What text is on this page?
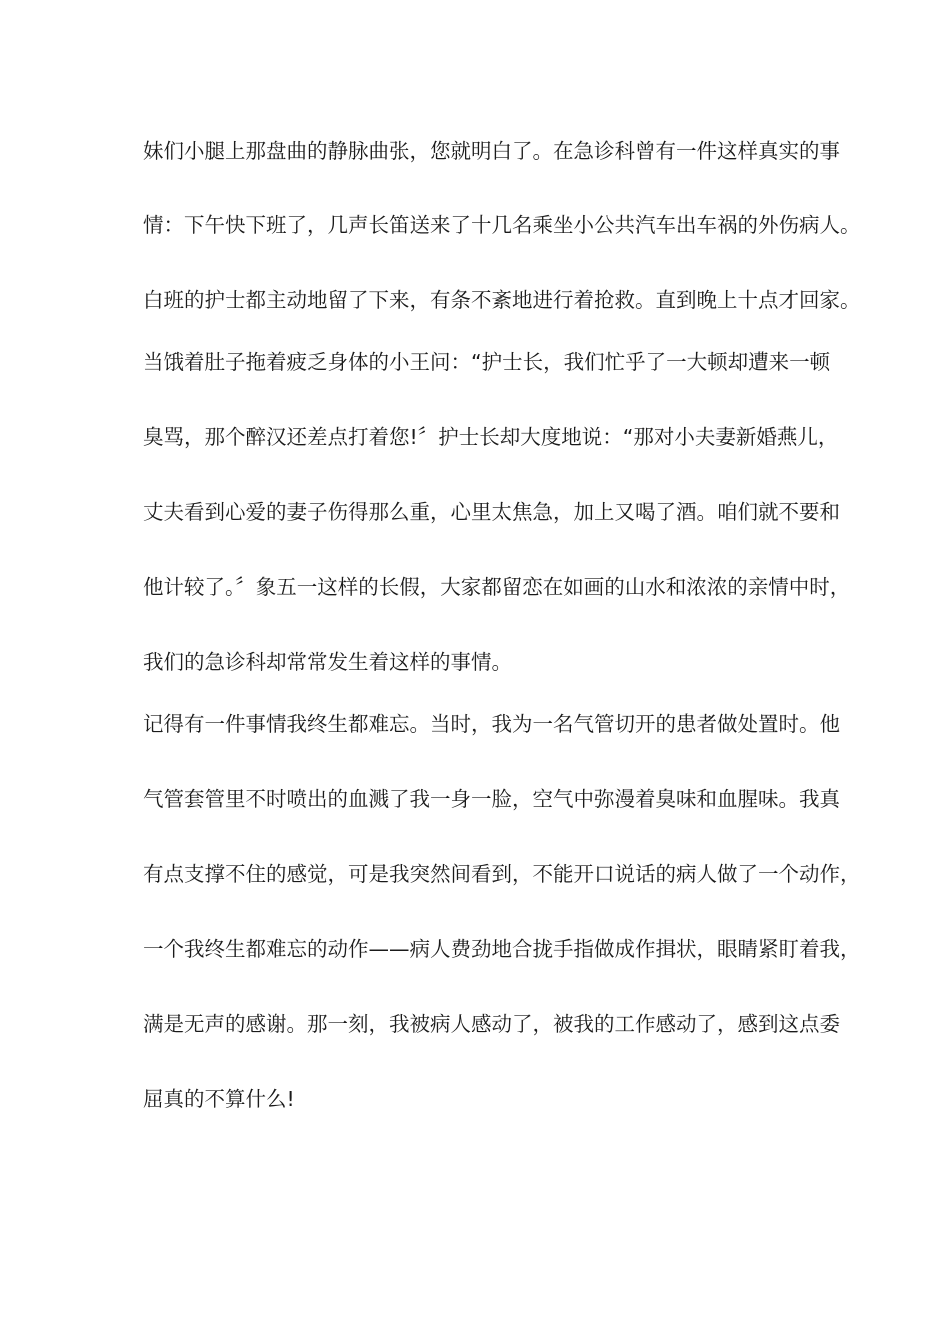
妹们小腿上那盘曲的静脉曲张，您就明白了。在急诊科曾有一件这样真实的事
情：下午快下班了，几声长笛送来了十几名乘坐小公共汽车出车祸的外伤病人。
白班的护士都主动地留了下来，有条不紊地进行着抢救。直到晚上十点才回家。
当饿着肚子拖着疲乏身体的小王问：“护士长，我们忙乎了一大顿却遭来一顿
臭骂，那个醉汉还差点打着您!〞护士长却大度地说：“那对小夫妻新婚燕儿，
丈夫看到心爱的妻子伤得那么重，心里太焦急，加上又喝了酒。咱们就不要和
他计较了。〞象五一这样的长假，大家都留恋在如画的山水和浓浓的亲情中时，
我们的急诊科却常常发生着这样的事情。
记得有一件事情我终生都难忘。当时，我为一名气管切开的患者做处置时。他
气管套管里不时喷出的血溅了我一身一脸，空气中弥漫着臭味和血腥味。我真
有点支撑不住的感觉，可是我突然间看到，不能开口说话的病人做了一个动作，
一个我终生都难忘的动作——病人费劲地合拢手指做成作揖状，眼睛紧盯着我，
满是无声的感谢。那一刻，我被病人感动了，被我的工作感动了，感到这点委
屈真的不算什么!
